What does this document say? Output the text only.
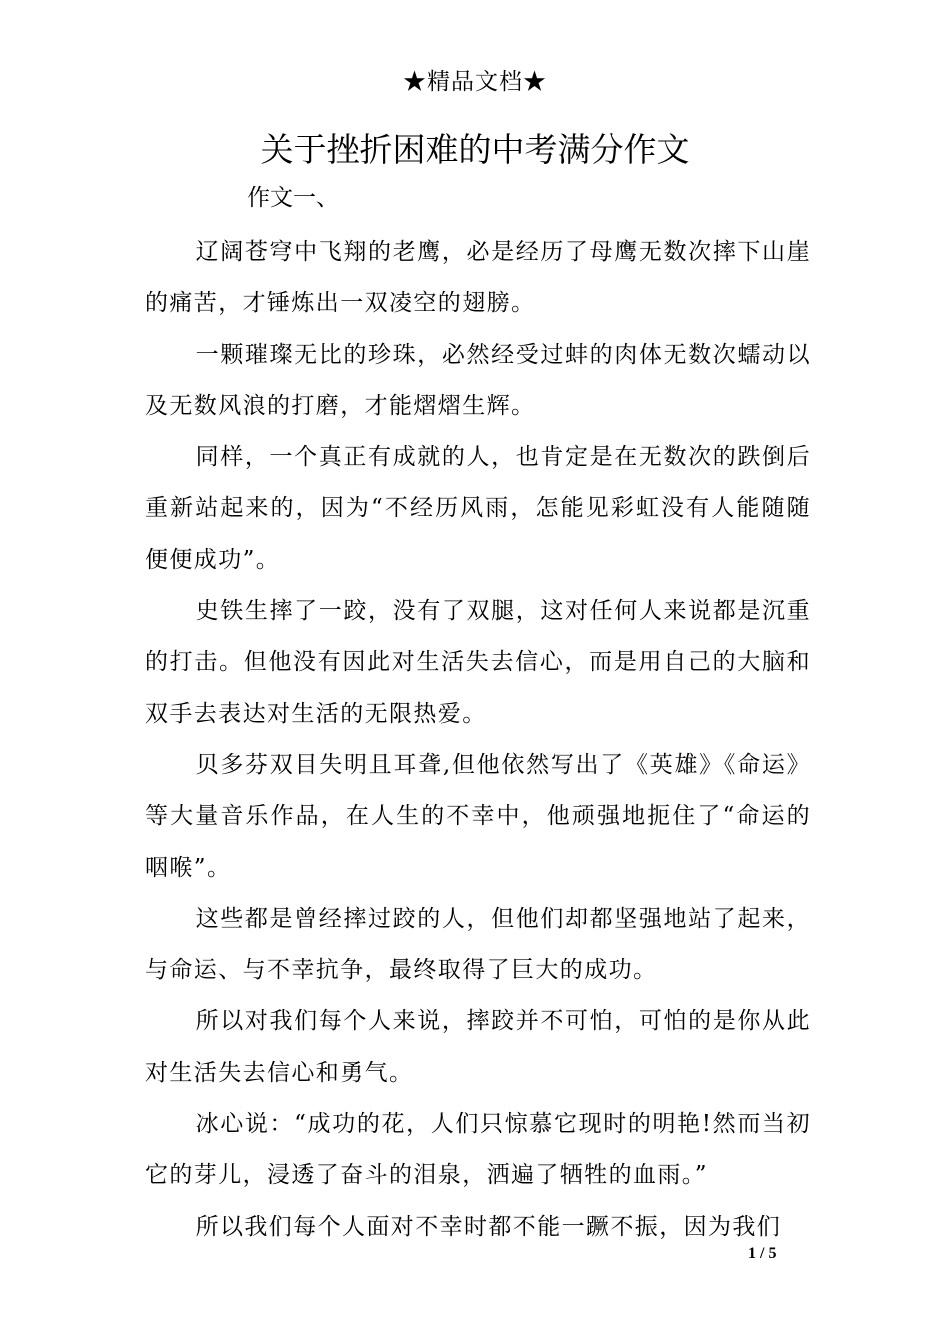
★精品文档★
关于挫折困难的中考满分作文
作文一、

辽阔苍穹中飞翔的老鹰，必是经历了母鹰无数次摔下山崖的痛苦，才锤炼出一双凌空的翅膀。

一颗璀璨无比的珍珠，必然经受过蚌的肉体无数次蠕动以及无数风浪的打磨，才能熠熠生辉。

同样，一个真正有成就的人，也肯定是在无数次的跌倒后重新站起来的，因为“不经历风雨，怎能见彩虹没有人能随随便便成功”。

史铁生摔了一跤，没有了双腿，这对任何人来说都是沉重的打击。但他没有因此对生活失去信心，而是用自己的大脑和双手去表达对生活的无限热爱。

贝多芬双目失明且耳聋,但他依然写出了《英雄》《命运》等大量音乐作品，在人生的不幸中，他顽强地扼住了“命运的咽喉”。

这些都是曾经摔过跤的人，但他们却都坚强地站了起来，与命运、与不幸抗争，最终取得了巨大的成功。

所以对我们每个人来说，摔跤并不可怕，可怕的是你从此对生活失去信心和勇气。

冰心说：“成功的花，人们只惊慕它现时的明艳!然而当初它的芽儿，浸透了奋斗的泪泉，洒遍了牺牲的血雨。”

所以我们每个人面对不幸时都不能一蹶不振，因为我们

1 / 5
